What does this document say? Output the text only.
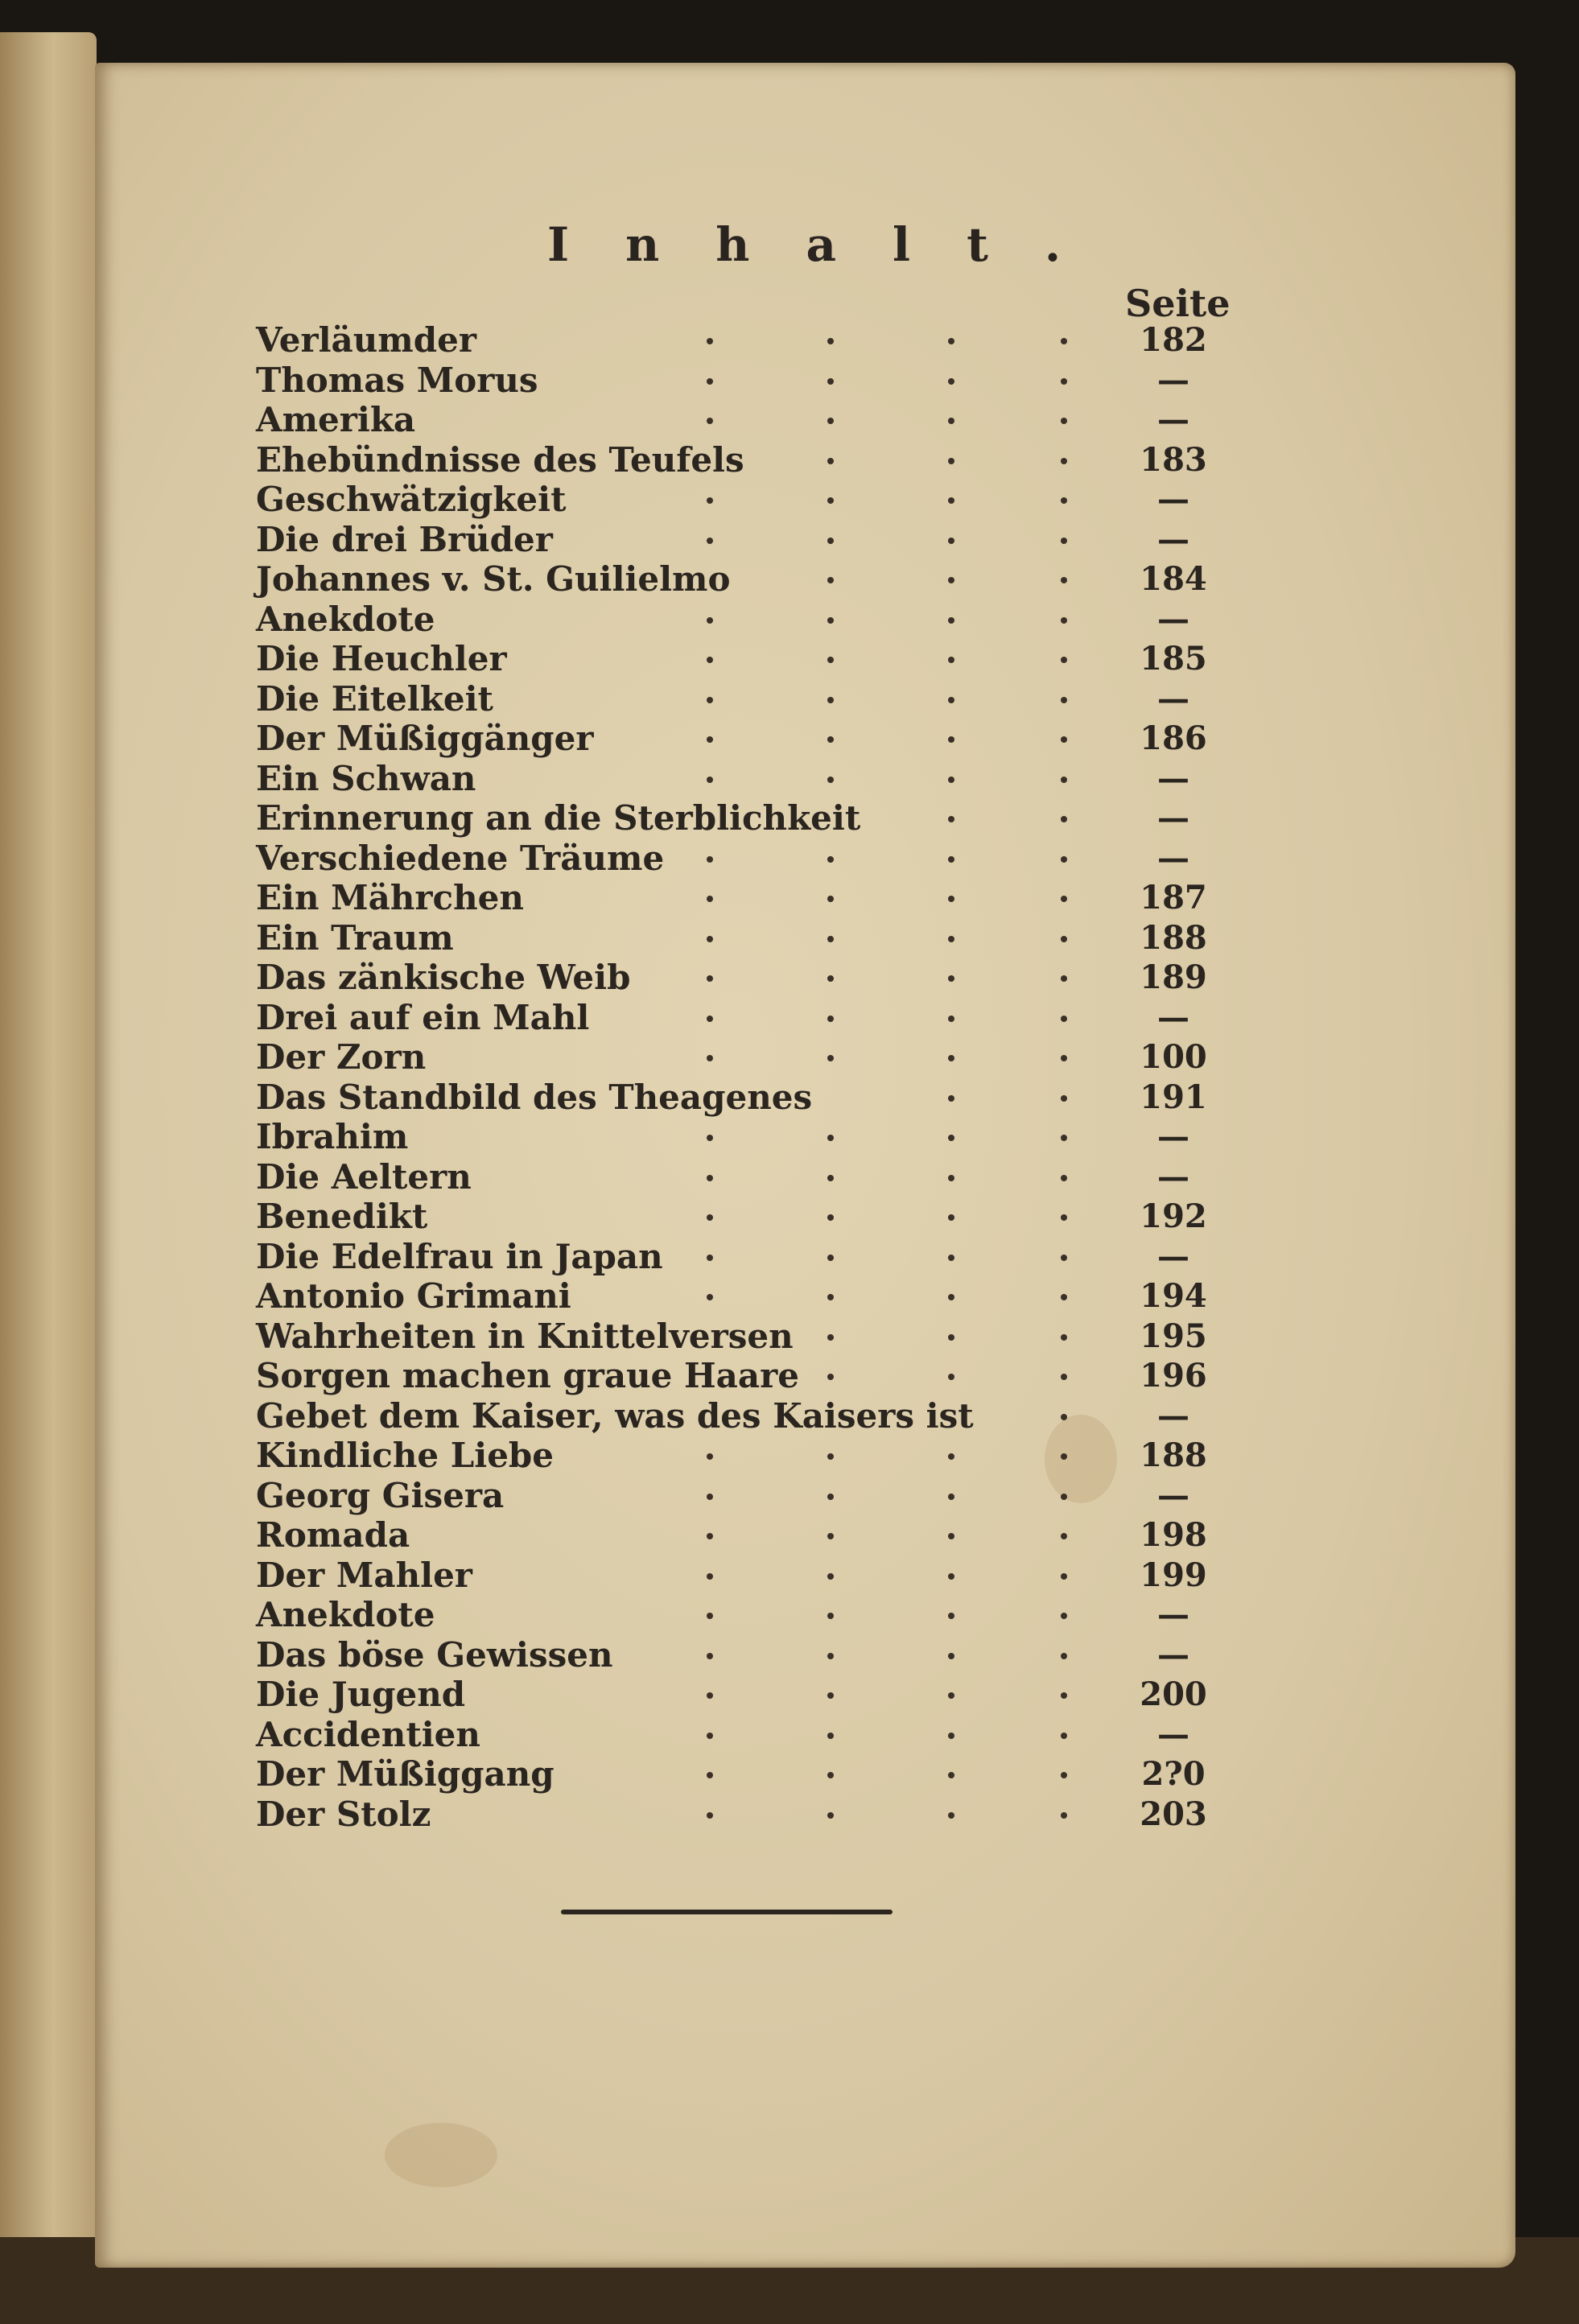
Inhalt.
Seite
Verläumder	182
Thomas Morus	—
Amerika	—
Ehebündnisse des Teufels	183
Geschwätzigkeit	—
Die drei Brüder	—
Johannes v. St. Guilielmo	184
Anekdote	—
Die Heuchler	185
Die Eitelkeit	—
Der Müßiggänger	186
Ein Schwan	—
Erinnerung an die Sterblichkeit	—
Verschiedene Träume	—
Ein Mährchen	187
Ein Traum	188
Das zänkische Weib	189
Drei auf ein Mahl	—
Der Zorn	100
Das Standbild des Theagenes	191
Ibrahim	—
Die Aeltern	—
Benedikt	192
Die Edelfrau in Japan	—
Antonio Grimani	194
Wahrheiten in Knittelversen	195
Sorgen machen graue Haare	196
Gebet dem Kaiser, was des Kaisers ist	—
Kindliche Liebe	188
Georg Gisera	—
Romada	198
Der Mahler	199
Anekdote	—
Das böse Gewissen	—
Die Jugend	200
Accidentien	—
Der Müßiggang	2?0
Der Stolz	203
